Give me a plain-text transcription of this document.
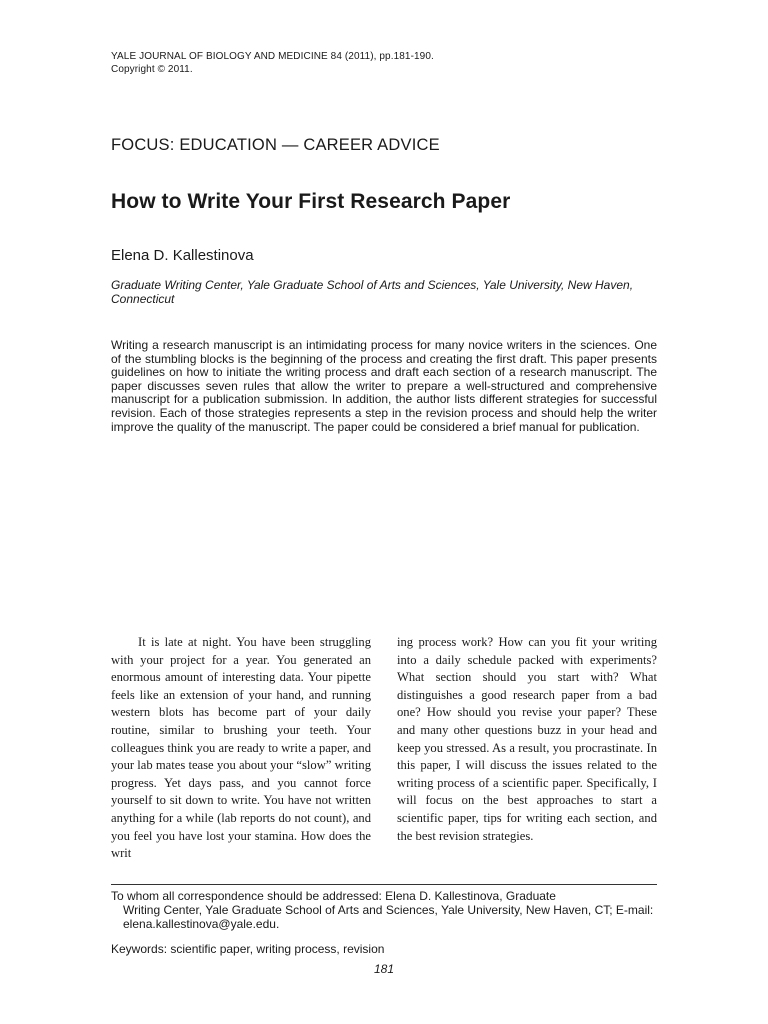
YALE JOURNAL OF BIOLOGY AND MEDICINE 84 (2011), pp.181-190.
Copyright © 2011.
FOCUS: EDUCATION — CAREER ADVICE
How to Write Your First Research Paper
Elena D. Kallestinova
Graduate Writing Center, Yale Graduate School of Arts and Sciences, Yale University, New Haven, Connecticut
Writing a research manuscript is an intimidating process for many novice writers in the sciences. One of the stumbling blocks is the beginning of the process and creating the first draft. This paper presents guidelines on how to initiate the writing process and draft each section of a research manuscript. The paper discusses seven rules that allow the writer to prepare a well-structured and comprehensive manuscript for a publication submission. In addition, the author lists different strategies for successful revision. Each of those strategies represents a step in the revision process and should help the writer improve the quality of the manuscript. The paper could be considered a brief manual for publication.
It is late at night. You have been struggling with your project for a year. You generated an enormous amount of interesting data. Your pipette feels like an extension of your hand, and running western blots has become part of your daily routine, similar to brushing your teeth. Your colleagues think you are ready to write a paper, and your lab mates tease you about your “slow” writing progress. Yet days pass, and you cannot force yourself to sit down to write. You have not written anything for a while (lab reports do not count), and you feel you have lost your stamina. How does the writ
ing process work? How can you fit your writing into a daily schedule packed with experiments? What section should you start with? What distinguishes a good research paper from a bad one? How should you revise your paper? These and many other questions buzz in your head and keep you stressed. As a result, you procrastinate. In this paper, I will discuss the issues related to the writing process of a scientific paper. Specifically, I will focus on the best approaches to start a scientific paper, tips for writing each section, and the best revision strategies.
To whom all correspondence should be addressed: Elena D. Kallestinova, Graduate
Writing Center, Yale Graduate School of Arts and Sciences, Yale University, New Haven, CT; E-mail: elena.kallestinova@yale.edu.
Keywords: scientific paper, writing process, revision
181
